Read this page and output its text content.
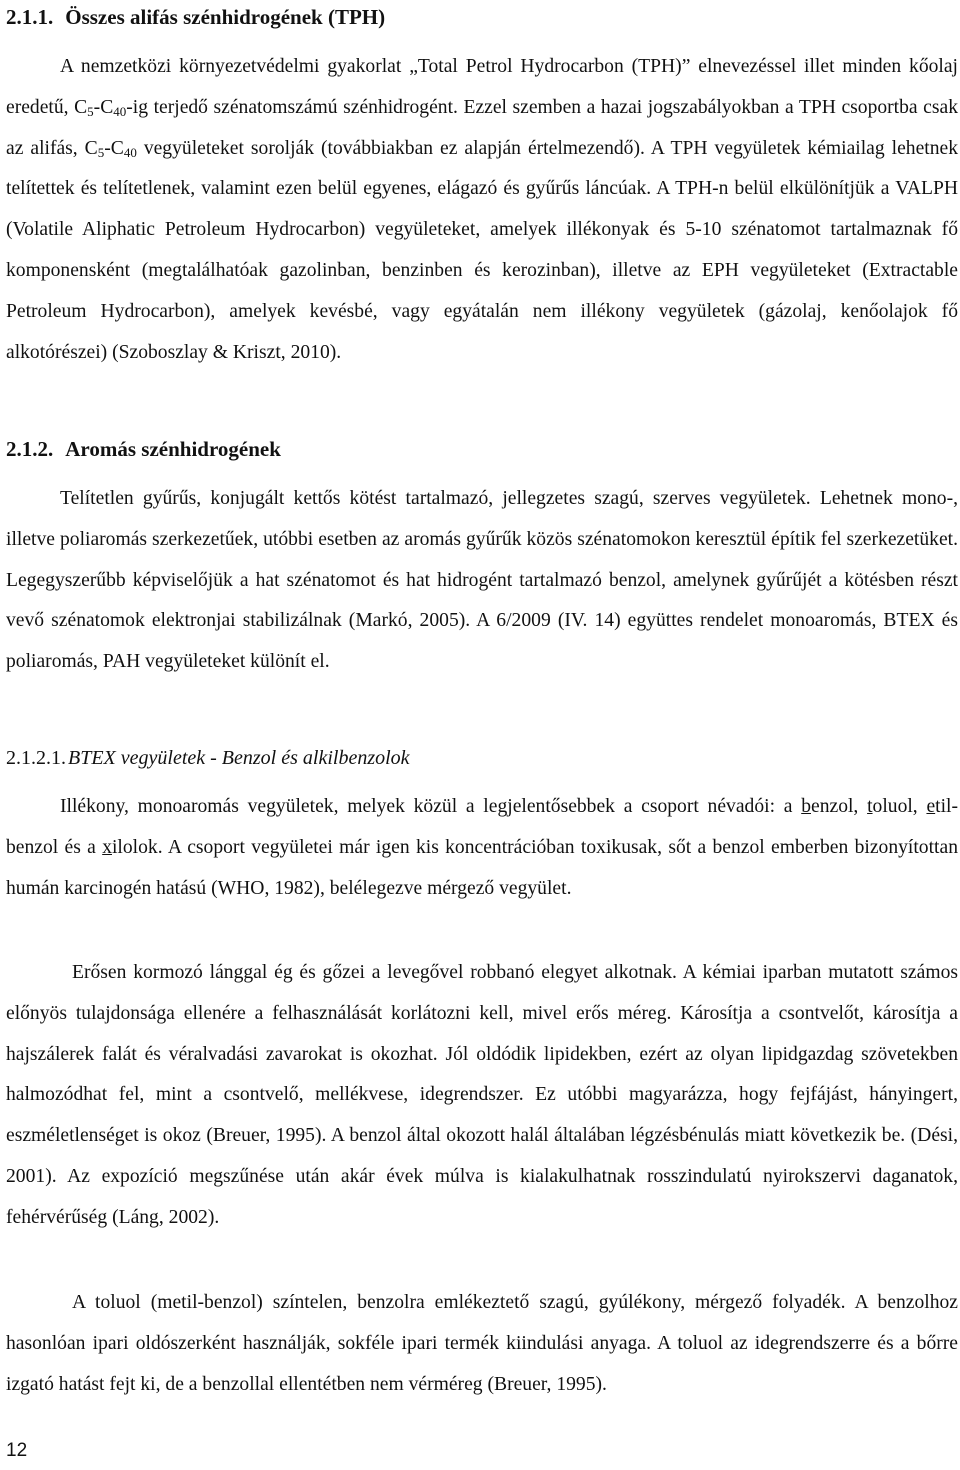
2.1.1. Összes alifás szénhidrogének (TPH)

A nemzetközi környezetvédelmi gyakorlat „Total Petrol Hydrocarbon (TPH)” elnevezéssel illet minden kőolaj eredetű, $C_5-C_{40}-ig$ terjedő szénatomszámú szénhidrogént. Ezzel szemben a hazai jogszabályokban a TPH csoportba csak az alifás, $C_5-C_{40}$ vegyületeket sorolják (továbbiakban ez alapján értelmezendő). A TPH vegyületek kémiailag lehetnek telítettek és telítetlenek, valamint ezen belül egyenes, elágazó és gyűrűs láncúak. A TPH-n belül elkülönítjük a VALPH (Volatile Aliphatic Petroleum Hydrocarbon) vegyületeket, amelyek illékonyak és 5-10 szénatomot tartalmaznak fő komponensként (megtalálhatóak gazolinban, benzinben és kerozinban), illetve az EPH vegyületeket (Extractable Petroleum Hydrocarbon), amelyek kevésbé, vagy egyátalán nem illékony vegyületek (gázolaj, kenőolajok fő alkotórészei) (Szoboszlay & Kriszt, 2010).

2.1.2. Aromás szénhidrogének

Telítetlen gyűrűs, konjugált kettős kötést tartalmazó, jellegzetes szagú, szerves vegyületek. Lehetnek mono-, illetve poliaromás szerkezetűek, utóbbi esetben az aromás gyűrűk közös szénatomokon keresztül építik fel szerkezetüket. Legegyszerűbb képviselőjük a hat szénatomot és hat hidrogént tartalmazó benzol, amelynek gyűrűjét a kötésben részt vevő szénatomok elektronjai stabilizálnak (Markó, 2005). A 6/2009 (IV. 14) együttes rendelet monoaromás, BTEX és poliaromás, PAH vegyületeket különít el.

2.1.2.1. BTEX vegyületek - Benzol és alkilbenzolok

Illékony, monoaromás vegyületek, melyek közül a legjelentősebbek a csoport névadói: a benzol, toluol, etil-benzol és a xilolok. A csoport vegyületei már igen kis koncentrációban toxikusak, sőt a benzol emberben bizonyítottan humán karcinogén hatású (WHO, 1982), belélegezve mérgező vegyület.

Erősen kormozó lánggal ég és gőzei a levegővel robbanó elegyet alkotnak. A kémiai iparban mutatott számos előnyös tulajdonsága ellenére a felhasználását korlátozni kell, mivel erős méreg. Károsítja a csontvelőt, károsítja a hajszálerek falát és véralvadási zavarokat is okozhat. Jól oldódik lipidekben, ezért az olyan lipidgazdag szövetekben halmozódhat fel, mint a csontvelő, mellékvese, idegrendszer. Ez utóbbi magyarázza, hogy fejfájást, hányingert, eszméletlenséget is okoz (Breuer, 1995). A benzol által okozott halál általában légzésbénulás miatt következik be. (Dési, 2001). Az expozíció megszűnése után akár évek múlva is kialakulhatnak rosszindulatú nyirokszervi daganatok, fehérvérűség (Láng, 2002).

A toluol (metil-benzol) színtelen, benzolra emlékeztető szagú, gyúlékony, mérgező folyadék. A benzolhoz hasonlóan ipari oldószerként használják, sokféle ipari termék kiindulási anyaga. A toluol az idegrendszerre és a bőrre izgató hatást fejt ki, de a benzollal ellentétben nem vérméreg (Breuer, 1995).

12
